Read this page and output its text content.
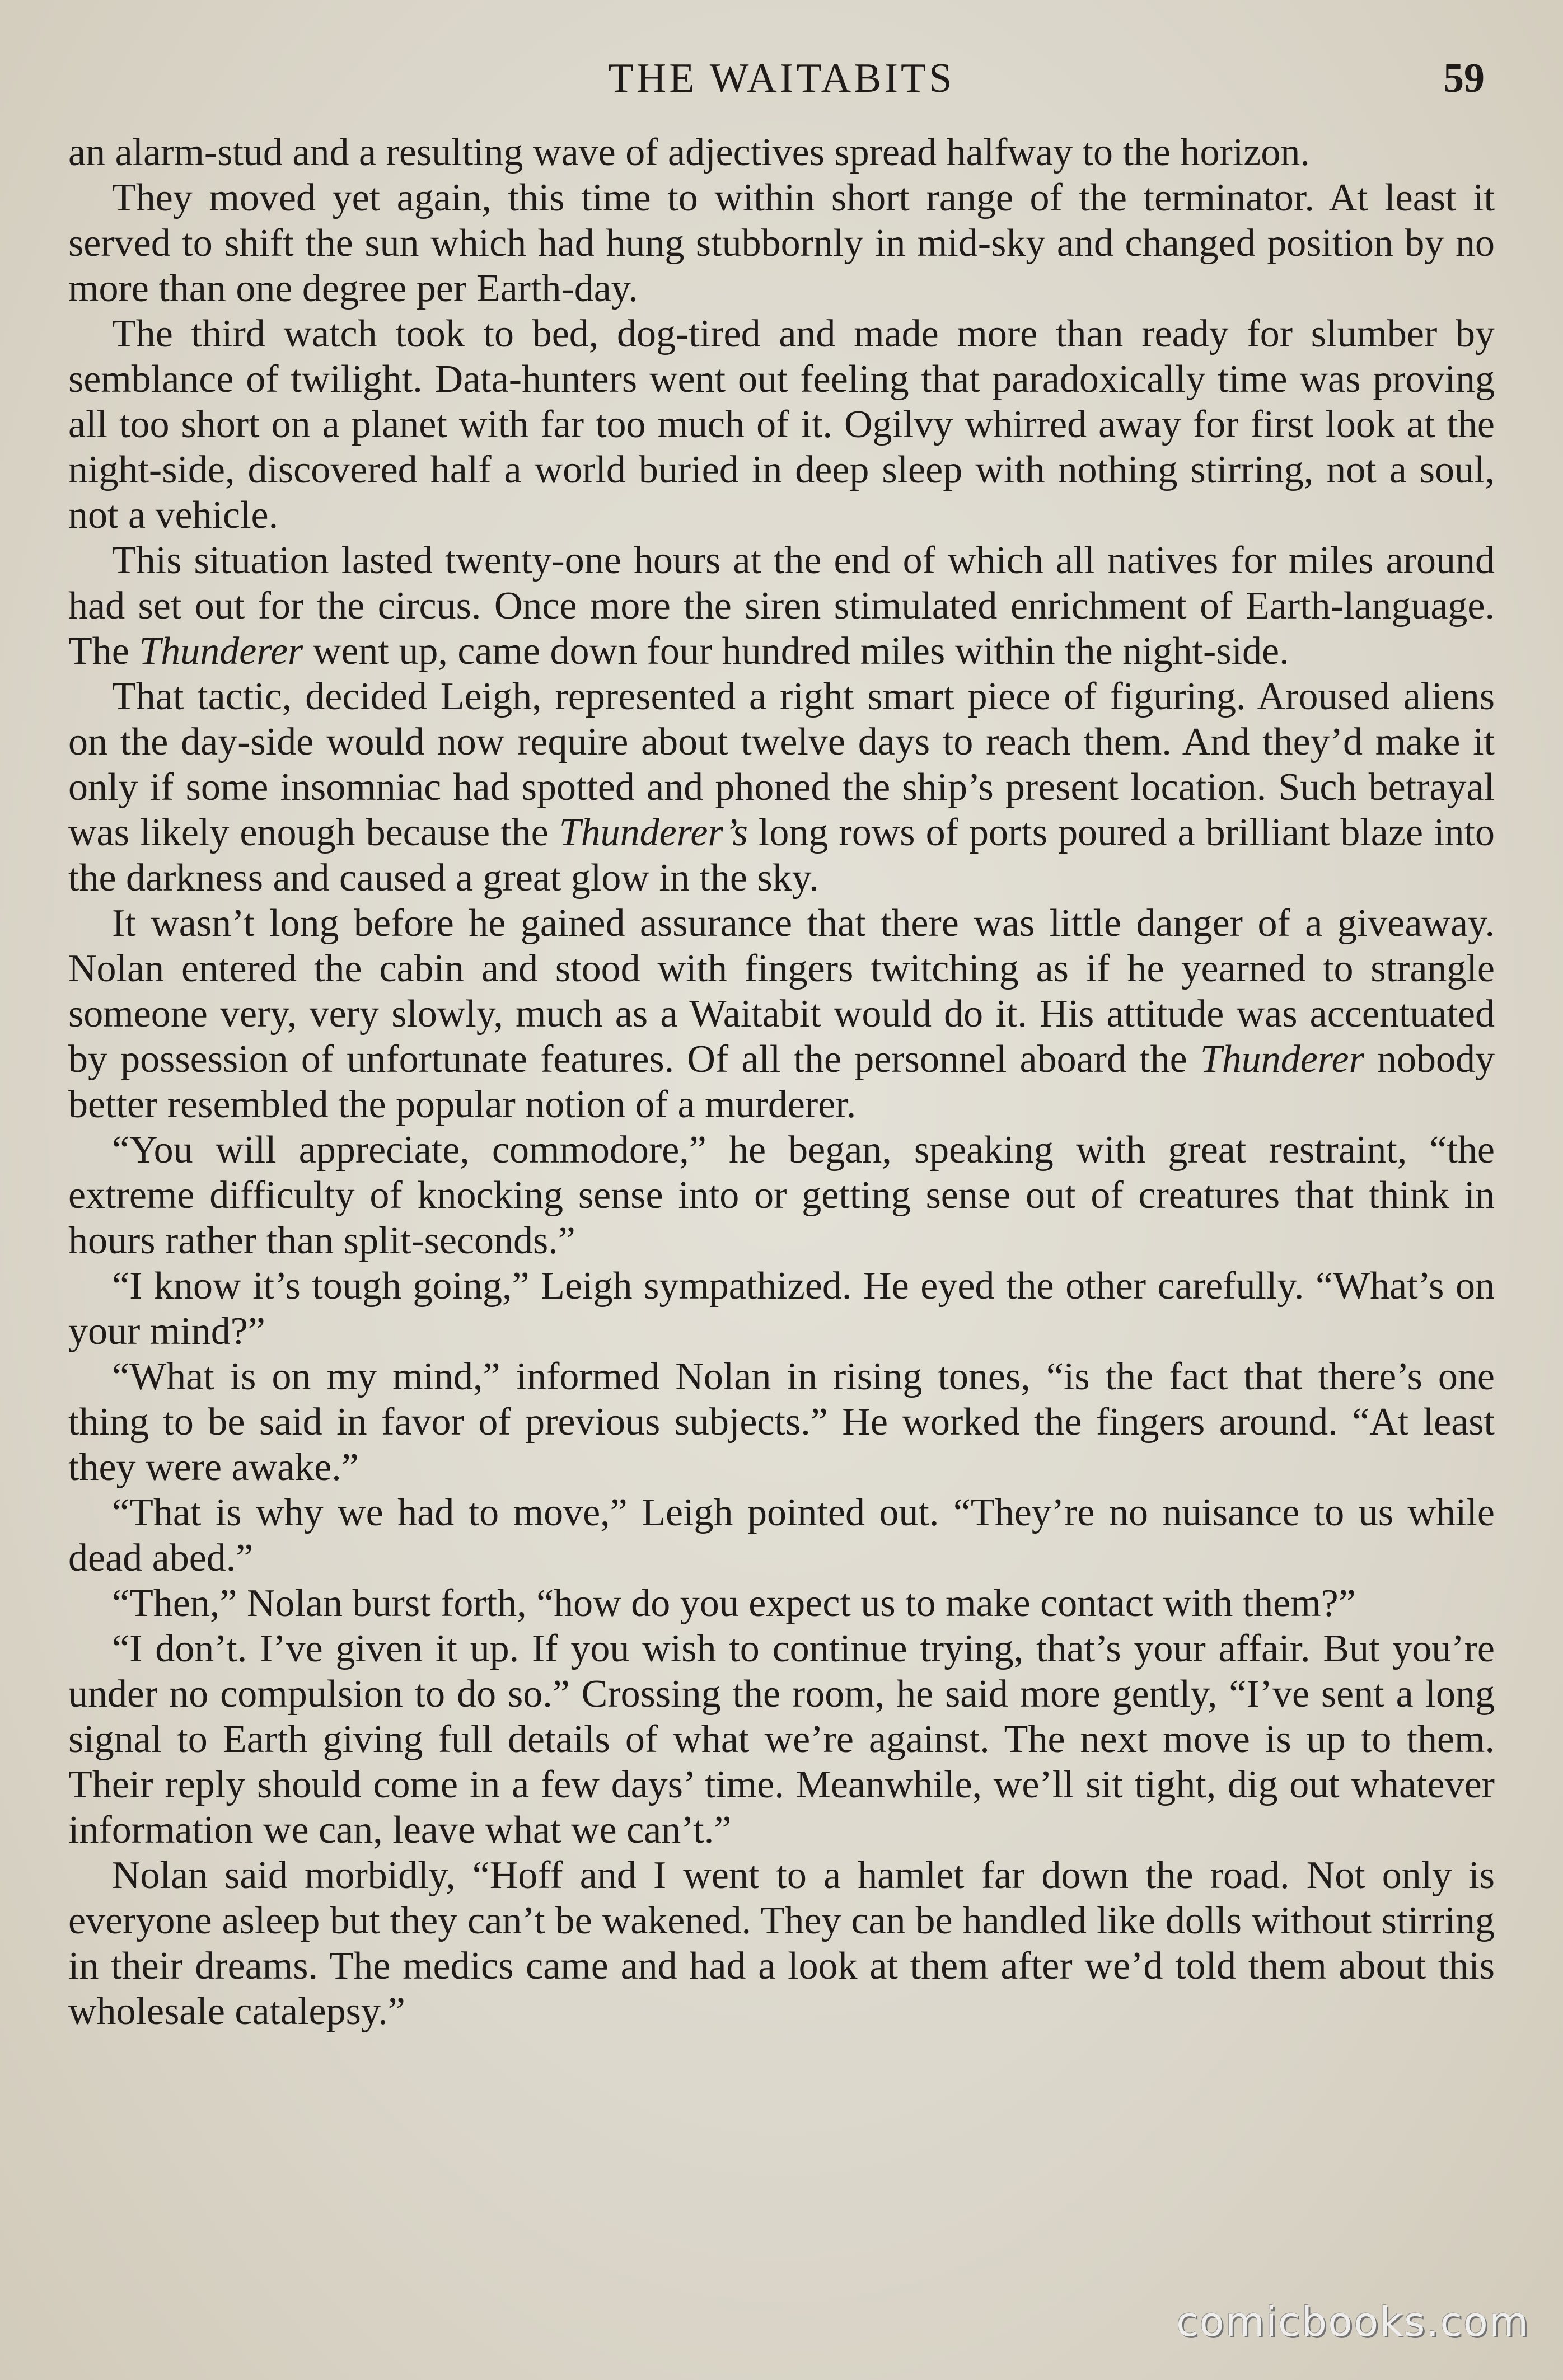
THE WAITABITS	59

an alarm-stud and a resulting wave of adjectives spread halfway to the horizon.

They moved yet again, this time to within short range of the terminator. At least it served to shift the sun which had hung stubbornly in mid-sky and changed position by no more than one degree per Earth-day.

The third watch took to bed, dog-tired and made more than ready for slumber by semblance of twilight. Data-hunters went out feeling that paradoxically time was proving all too short on a planet with far too much of it. Ogilvy whirred away for first look at the night-side, discovered half a world buried in deep sleep with nothing stirring, not a soul, not a vehicle.

This situation lasted twenty-one hours at the end of which all natives for miles around had set out for the circus. Once more the siren stimulated enrichment of Earth-language. The Thunderer went up, came down four hundred miles within the night-side.

That tactic, decided Leigh, represented a right smart piece of figuring. Aroused aliens on the day-side would now require about twelve days to reach them. And they’d make it only if some insomniac had spotted and phoned the ship’s present location. Such betrayal was likely enough because the Thunderer’s long rows of ports poured a brilliant blaze into the darkness and caused a great glow in the sky.

It wasn’t long before he gained assurance that there was little danger of a giveaway. Nolan entered the cabin and stood with fingers twitching as if he yearned to strangle someone very, very slowly, much as a Waitabit would do it. His attitude was accentuated by possession of unfortunate features. Of all the personnel aboard the Thunderer nobody better resembled the popular notion of a murderer.

“You will appreciate, commodore,” he began, speaking with great restraint, “the extreme difficulty of knocking sense into or getting sense out of creatures that think in hours rather than split-seconds.”

“I know it’s tough going,” Leigh sympathized. He eyed the other carefully. “What’s on your mind?”

“What is on my mind,” informed Nolan in rising tones, “is the fact that there’s one thing to be said in favor of previous subjects.” He worked the fingers around. “At least they were awake.”

“That is why we had to move,” Leigh pointed out. “They’re no nuisance to us while dead abed.”

“Then,” Nolan burst forth, “how do you expect us to make contact with them?”

“I don’t. I’ve given it up. If you wish to continue trying, that’s your affair. But you’re under no compulsion to do so.” Crossing the room, he said more gently, “I’ve sent a long signal to Earth giving full details of what we’re against. The next move is up to them. Their reply should come in a few days’ time. Meanwhile, we’ll sit tight, dig out whatever information we can, leave what we can’t.”

Nolan said morbidly, “Hoff and I went to a hamlet far down the road. Not only is everyone asleep but they can’t be wakened. They can be handled like dolls without stirring in their dreams. The medics came and had a look at them after we’d told them about this wholesale catalepsy.”

comicbooks.com
